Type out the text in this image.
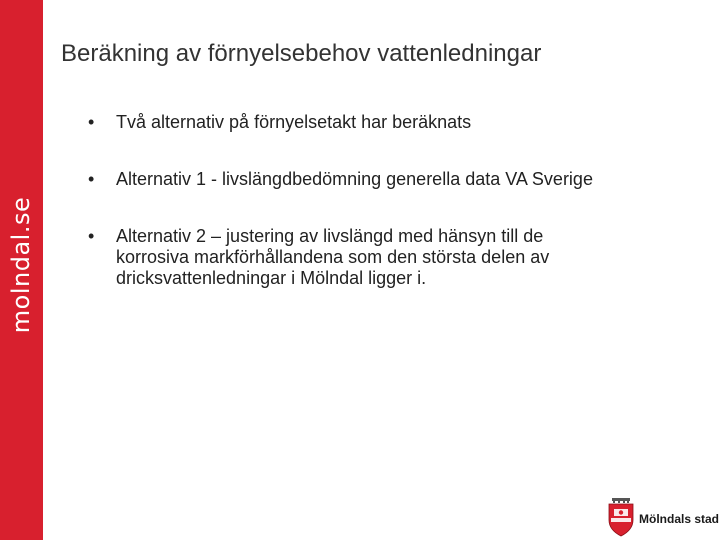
molndal.se
Beräkning av förnyelsebehov vattenledningar
• Två alternativ på förnyelsetakt har beräknats
• Alternativ 1 - livslängdbedömning generella data VA Sverige
• Alternativ 2 – justering av livslängd med hänsyn till de korrosiva markförhållandena som den största delen av dricksvattenledningar i Mölndal ligger i.
Mölndals stad
